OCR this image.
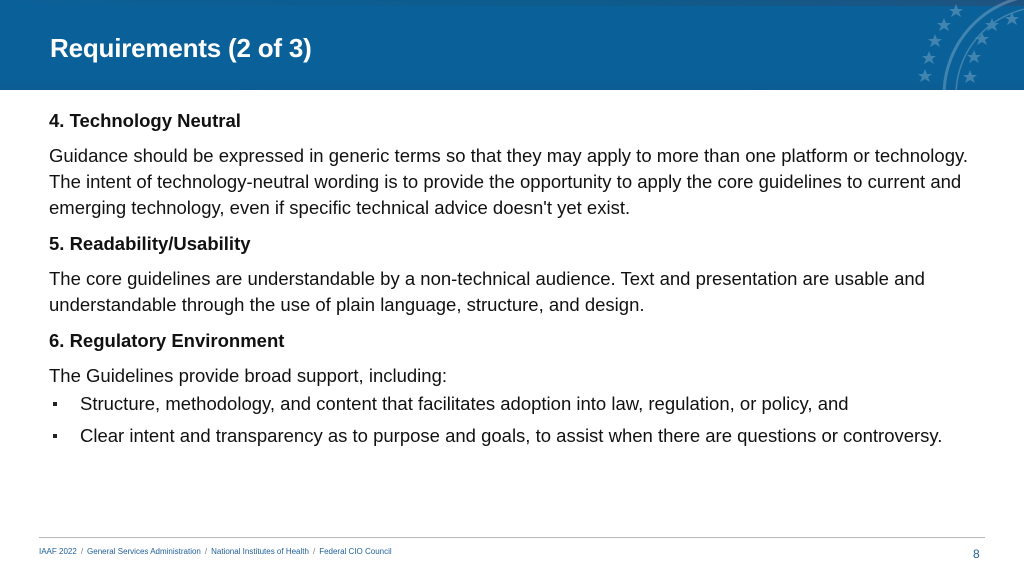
Requirements (2 of 3)
4. Technology Neutral

Guidance should be expressed in generic terms so that they may apply to more than one platform or technology. The intent of technology-neutral wording is to provide the opportunity to apply the core guidelines to current and emerging technology, even if specific technical advice doesn't yet exist.

5. Readability/Usability

The core guidelines are understandable by a non-technical audience. Text and presentation are usable and understandable through the use of plain language, structure, and design.

6. Regulatory Environment

The Guidelines provide broad support, including:

Structure, methodology, and content that facilitates adoption into law, regulation, or policy, and
Clear intent and transparency as to purpose and goals, to assist when there are questions or controversy.
IAAF 2022 / General Services Administration / National Institutes of Health / Federal CIO Council	8
